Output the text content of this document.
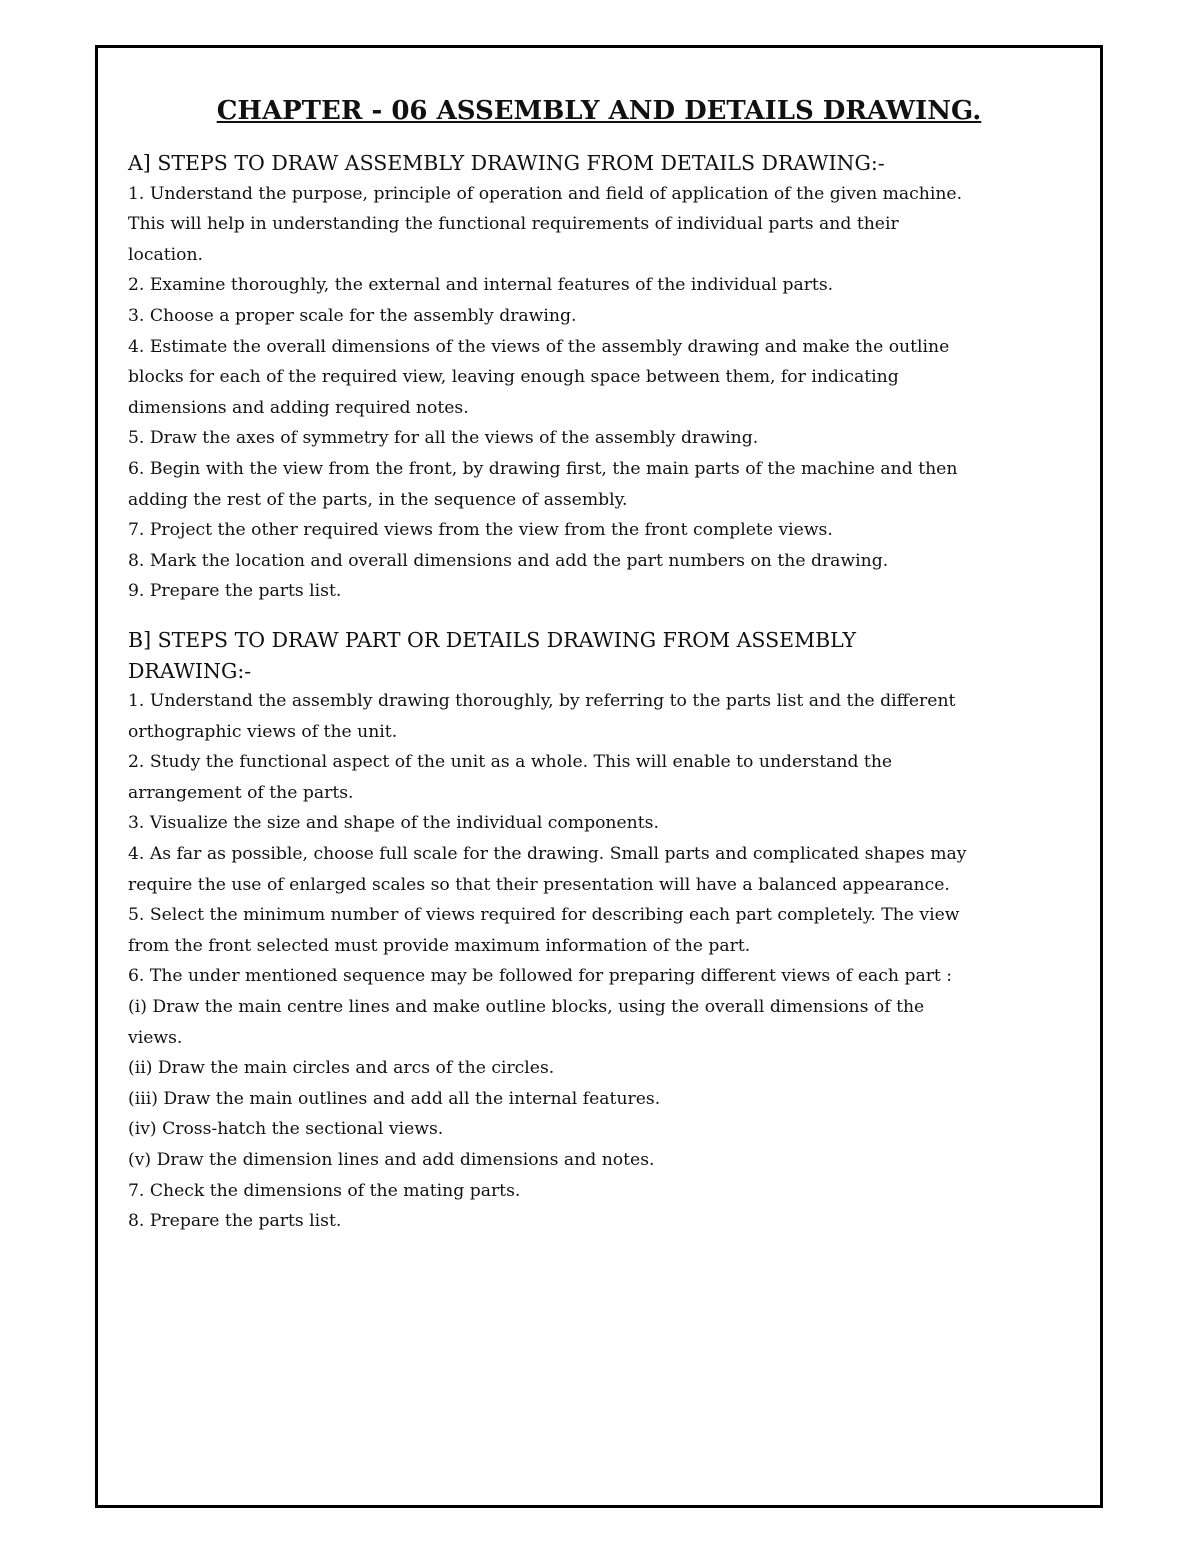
CHAPTER - 06 ASSEMBLY AND DETAILS DRAWING.
A] STEPS TO DRAW ASSEMBLY DRAWING FROM DETAILS DRAWING:-
1. Understand the purpose, principle of operation and field of application of the given machine.
This will help in understanding the functional requirements of individual parts and their
location.
2. Examine thoroughly, the external and internal features of the individual parts.
3. Choose a proper scale for the assembly drawing.
4. Estimate the overall dimensions of the views of the assembly drawing and make the outline
blocks for each of the required view, leaving enough space between them, for indicating
dimensions and adding required notes.
5. Draw the axes of symmetry for all the views of the assembly drawing.
6. Begin with the view from the front, by drawing first, the main parts of the machine and then
adding the rest of the parts, in the sequence of assembly.
7. Project the other required views from the view from the front complete views.
8. Mark the location and overall dimensions and add the part numbers on the drawing.
9. Prepare the parts list.
B] STEPS TO DRAW PART OR DETAILS DRAWING FROM ASSEMBLY
DRAWING:-
1. Understand the assembly drawing thoroughly, by referring to the parts list and the different
orthographic views of the unit.
2. Study the functional aspect of the unit as a whole. This will enable to understand the
arrangement of the parts.
3. Visualize the size and shape of the individual components.
4. As far as possible, choose full scale for the drawing. Small parts and complicated shapes may
require the use of enlarged scales so that their presentation will have a balanced appearance.
5. Select the minimum number of views required for describing each part completely. The view
from the front selected must provide maximum information of the part.
6. The under mentioned sequence may be followed for preparing different views of each part :
(i) Draw the main centre lines and make outline blocks, using the overall dimensions of the
views.
(ii) Draw the main circles and arcs of the circles.
(iii) Draw the main outlines and add all the internal features.
(iv) Cross-hatch the sectional views.
(v) Draw the dimension lines and add dimensions and notes.
7. Check the dimensions of the mating parts.
8. Prepare the parts list.
